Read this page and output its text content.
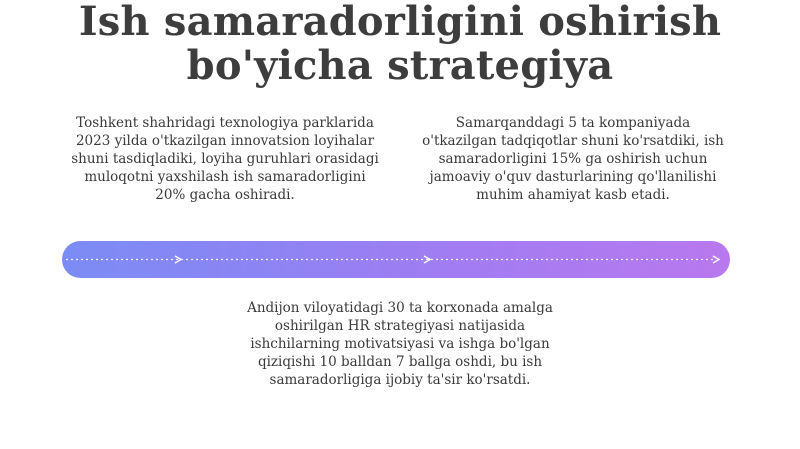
Ish samaradorligini oshirish
bo'yicha strategiya

Toshkent shahridagi texnologiya parklarida 2023 yilda o'tkazilgan innovatsion loyihalar shuni tasdiqladiki, loyiha guruhlari orasidagi muloqotni yaxshilash ish samaradorligini 20% gacha oshiradi.

Samarqanddagi 5 ta kompaniyada o'tkazilgan tadqiqotlar shuni ko'rsatdiki, ish samaradorligini 15% ga oshirish uchun jamoaviy o'quv dasturlarining qo'llanilishi muhim ahamiyat kasb etadi.

Andijon viloyatidagi 30 ta korxonada amalga oshirilgan HR strategiyasi natijasida ishchilarning motivatsiyasi va ishga bo'lgan qiziqishi 10 balldan 7 ballga oshdi, bu ish samaradorligiga ijobiy ta'sir ko'rsatdi.
